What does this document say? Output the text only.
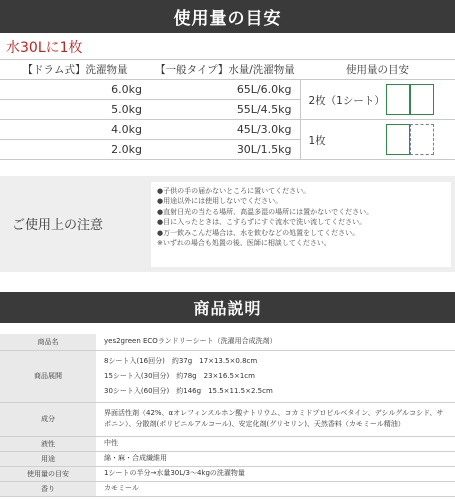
使用量の目安
水30Lに1枚
【ドラム式】洗濯物量	【一般タイプ】水量/洗濯物量	使用量の目安
6.0kg	65L/6.0kg	2枚（1シート）

5.0kg	55L/4.5kg	
4.0kg	45L/3.0kg	1枚

2.0kg	30L/1.5kg	
ご使用上の注意
●子供の手の届かないところに置いてください。
●用途以外には使用しないでください。
●直射日光の当たる場所、高温多湿の場所には置かないでください。
●目に入ったときは、こすらずにすぐ流水で洗い流してください。
●万一飲みこんだ場合は、水を飲むなどの処置をしてください。
※いずれの場合も処置の後、医師に相談してください。
商品説明
商品名	yes2green ECOランドリーシート（洗濯用合成洗剤）

商品展開	8シート入(16回分)　約37g　17×13.5×0.8cm
15シート入(30回分)　約78g　23×16.5×1cm
30シート入(60回分)　約146g　15.5×11.5×2.5cm

成分	界面活性剤（42%、αオレフィンスルホン酸ナトリウム、コカミドプロピルベタイン、デシルグルコシド、サポニン）、分散剤(ポリビニルアルコール)、安定化剤(グリセリン)、天然香料（カモミール精油）

液性	中性

用途	綿・麻・合成繊維用

使用量の目安	1シートの半分→水量30L/3～4kgの洗濯物量

香り	カモミール
